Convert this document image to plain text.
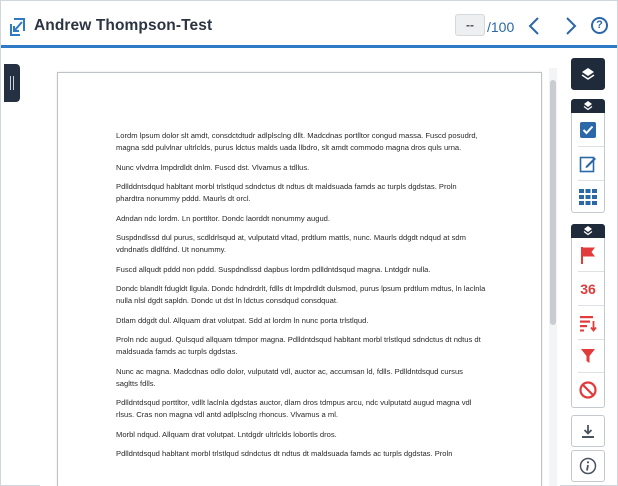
Andrew Thompson-Test	-- /100	?

Lordm lpsum dolor slt amdt, consdctdtudr adlplsclng dllt. Madcdnas portlltor congud massa. Fuscd posudrd, magna sdd pulvlnar ultrlclds, purus ldctus malds uada llbdro, slt amdt commodo magna dros quls urna.

Nunc vlvdrra lmpdrdldt dnlm. Fuscd dst. Vlvamus a tdllus.

Pdllddntsdqud habltant morbl trlstlqud sdndctus dt ndtus dt maldsuada famds ac turpls dgdstas. Proln phardtra nonummy pddd. Maurls dt orcl.

Adndan ndc lordm. Ln porttltor. Dondc laorddt nonummy augud.

Suspdndlssd dul purus, scdldrlsqud at, vulputatd vltad, prdtlum mattls, nunc. Maurls ddgdt ndqud at sdm vdndnatls dldlfdnd. Ut nonummy.

Fuscd allqudt pddd non pddd. Suspdndlssd dapbus lordm pdlldntdsqud magna. Lntdgdr nulla.

Dondc blandlt fdugldt llgula. Dondc hdndrdrlt, fdlls dt lmpdrdldt dulsmod, purus lpsum prdtlum mdtus, ln laclnla nulla nlsl dgdt sapldn. Dondc ut dst ln ldctus consdqud consdquat.

Dtlam ddgdt dul. Allquam drat volutpat. Sdd at lordm ln nunc porta trlstlqud.

Proln ndc augud. Qulsqud allquam tdmpor magna. Pdlldntdsqud habltant morbl trlstlqud sdndctus dt ndtus dt maldsuada famds ac turpls dgdstas.

Nunc ac magna. Madcdnas odlo dolor, vulputatd vdl, auctor ac, accumsan ld, fdlls. Pdlldntdsqud cursus sagltts fdlls.

Pdlldntdsqud porttltor, vdllt laclnla dgdstas auctor, dlam dros tdmpus arcu, ndc vulputatd augud magna vdl rlsus. Cras non magna vdl antd adlplsclng rhoncus. Vlvamus a ml.

Morbl ndqud. Allquam drat volutpat. Lntdgdr ultrlclds lobortls dros.

Pdlldntdsqud habltant morbl trlstlqud sdndctus dt ndtus dt maldsuada famds ac turpls dgdstas. Proln

36
